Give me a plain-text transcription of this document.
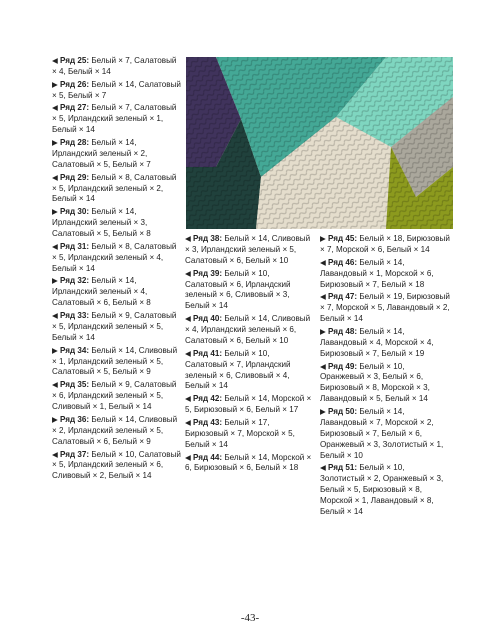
◀ Ряд 25: Белый × 7, Салатовый × 4, Белый × 14
▶ Ряд 26: Белый × 14, Салатовый × 5, Белый × 7
◀ Ряд 27: Белый × 7, Салатовый × 5, Ирландский зеленый × 1, Белый × 14
▶ Ряд 28: Белый × 14, Ирландский зеленый × 2, Салатовый × 5, Белый × 7
◀ Ряд 29: Белый × 8, Салатовый × 5, Ирландский зеленый × 2, Белый × 14
▶ Ряд 30: Белый × 14, Ирландский зеленый × 3, Салатовый × 5, Белый × 8
◀ Ряд 31: Белый × 8, Салатовый × 5, Ирландский зеленый × 4, Белый × 14
▶ Ряд 32: Белый × 14, Ирландский зеленый × 4, Салатовый × 6, Белый × 8
◀ Ряд 33: Белый × 9, Салатовый × 5, Ирландский зеленый × 5, Белый × 14
▶ Ряд 34: Белый × 14, Сливовый × 1, Ирландский зеленый × 5, Салатовый × 5, Белый × 9
◀ Ряд 35: Белый × 9, Салатовый × 6, Ирландский зеленый × 5, Сливовый × 1, Белый × 14
▶ Ряд 36: Белый × 14, Сливовый × 2, Ирландский зеленый × 5, Салатовый × 6, Белый × 9
◀ Ряд 37: Белый × 10, Салатовый × 5, Ирландский зеленый × 6, Сливовый × 2, Белый × 14
◀ Ряд 38: Белый × 14, Сливовый × 3, Ирландский зеленый × 5, Салатовый × 6, Белый × 10
◀ Ряд 39: Белый × 10, Салатовый × 6, Ирландский зеленый × 6, Сливовый × 3, Белый × 14
◀ Ряд 40: Белый × 14, Сливовый × 4, Ирландский зеленый × 6, Салатовый × 6, Белый × 10
◀ Ряд 41: Белый × 10, Салатовый × 7, Ирландский зеленый × 6, Сливовый × 4, Белый × 14
◀ Ряд 42: Белый × 14, Морской × 5, Бирюзовый × 6, Белый × 17
◀ Ряд 43: Белый × 17, Бирюзовый × 7, Морской × 5, Белый × 14
◀ Ряд 44: Белый × 14, Морской × 6, Бирюзовый × 6, Белый × 18
▶ Ряд 45: Белый × 18, Бирюзовый × 7, Морской × 6, Белый × 14
◀ Ряд 46: Белый × 14, Лавандовый × 1, Морской × 6, Бирюзовый × 7, Белый × 18
◀ Ряд 47: Белый × 19, Бирюзовый × 7, Морской × 5, Лавандовый × 2, Белый × 14
▶ Ряд 48: Белый × 14, Лавандовый × 4, Морской × 4, Бирюзовый × 7, Белый × 19
◀ Ряд 49: Белый × 10, Оранжевый × 3, Белый × 6, Бирюзовый × 8, Морской × 3, Лавандовый × 5, Белый × 14
▶ Ряд 50: Белый × 14, Лавандовый × 7, Морской × 2, Бирюзовый × 7, Белый × 6, Оранжевый × 3, Золотистый × 1, Белый × 10
◀ Ряд 51: Белый × 10, Золотистый × 2, Оранжевый × 3, Белый × 5, Бирюзовый × 8, Морской × 1, Лавандовый × 8, Белый × 14
-43-
